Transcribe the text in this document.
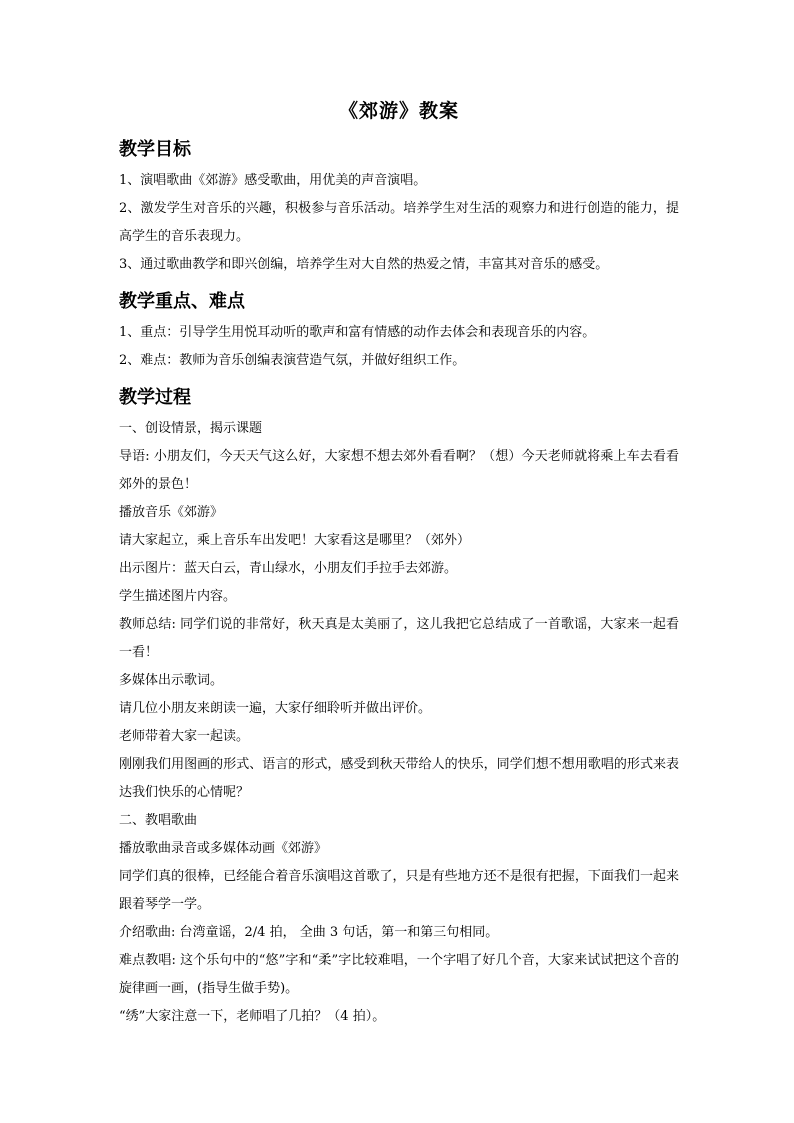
《郊游》教案
教学目标

1、演唱歌曲《郊游》感受歌曲，用优美的声音演唱。

2、激发学生对音乐的兴趣，积极参与音乐活动。培养学生对生活的观察力和进行创造的能力，提高学生的音乐表现力。

3、通过歌曲教学和即兴创编，培养学生对大自然的热爱之情，丰富其对音乐的感受。

教学重点、难点

1、重点：引导学生用悦耳动听的歌声和富有情感的动作去体会和表现音乐的内容。

2、难点：教师为音乐创编表演营造气氛，并做好组织工作。

教学过程

一、创设情景，揭示课题

导语: 小朋友们，今天天气这么好，大家想不想去郊外看看啊？（想）今天老师就将乘上车去看看郊外的景色！

播放音乐《郊游》

请大家起立，乘上音乐车出发吧！大家看这是哪里？（郊外）

出示图片：蓝天白云，青山绿水，小朋友们手拉手去郊游。

学生描述图片内容。

教师总结: 同学们说的非常好，秋天真是太美丽了，这儿我把它总结成了一首歌谣，大家来一起看一看！

多媒体出示歌词。

请几位小朋友来朗读一遍，大家仔细聆听并做出评价。

老师带着大家一起读。

刚刚我们用图画的形式、语言的形式，感受到秋天带给人的快乐，同学们想不想用歌唱的形式来表达我们快乐的心情呢？

二、教唱歌曲

播放歌曲录音或多媒体动画《郊游》

同学们真的很棒，已经能合着音乐演唱这首歌了，只是有些地方还不是很有把握，下面我们一起来跟着琴学一学。

介绍歌曲: 台湾童谣，2/4 拍， 全曲 3 句话，第一和第三句相同。

难点教唱: 这个乐句中的“悠”字和“柔”字比较难唱，一个字唱了好几个音，大家来试试把这个音的旋律画一画，(指导生做手势)。

“绣”大家注意一下，老师唱了几拍？（4 拍）。
